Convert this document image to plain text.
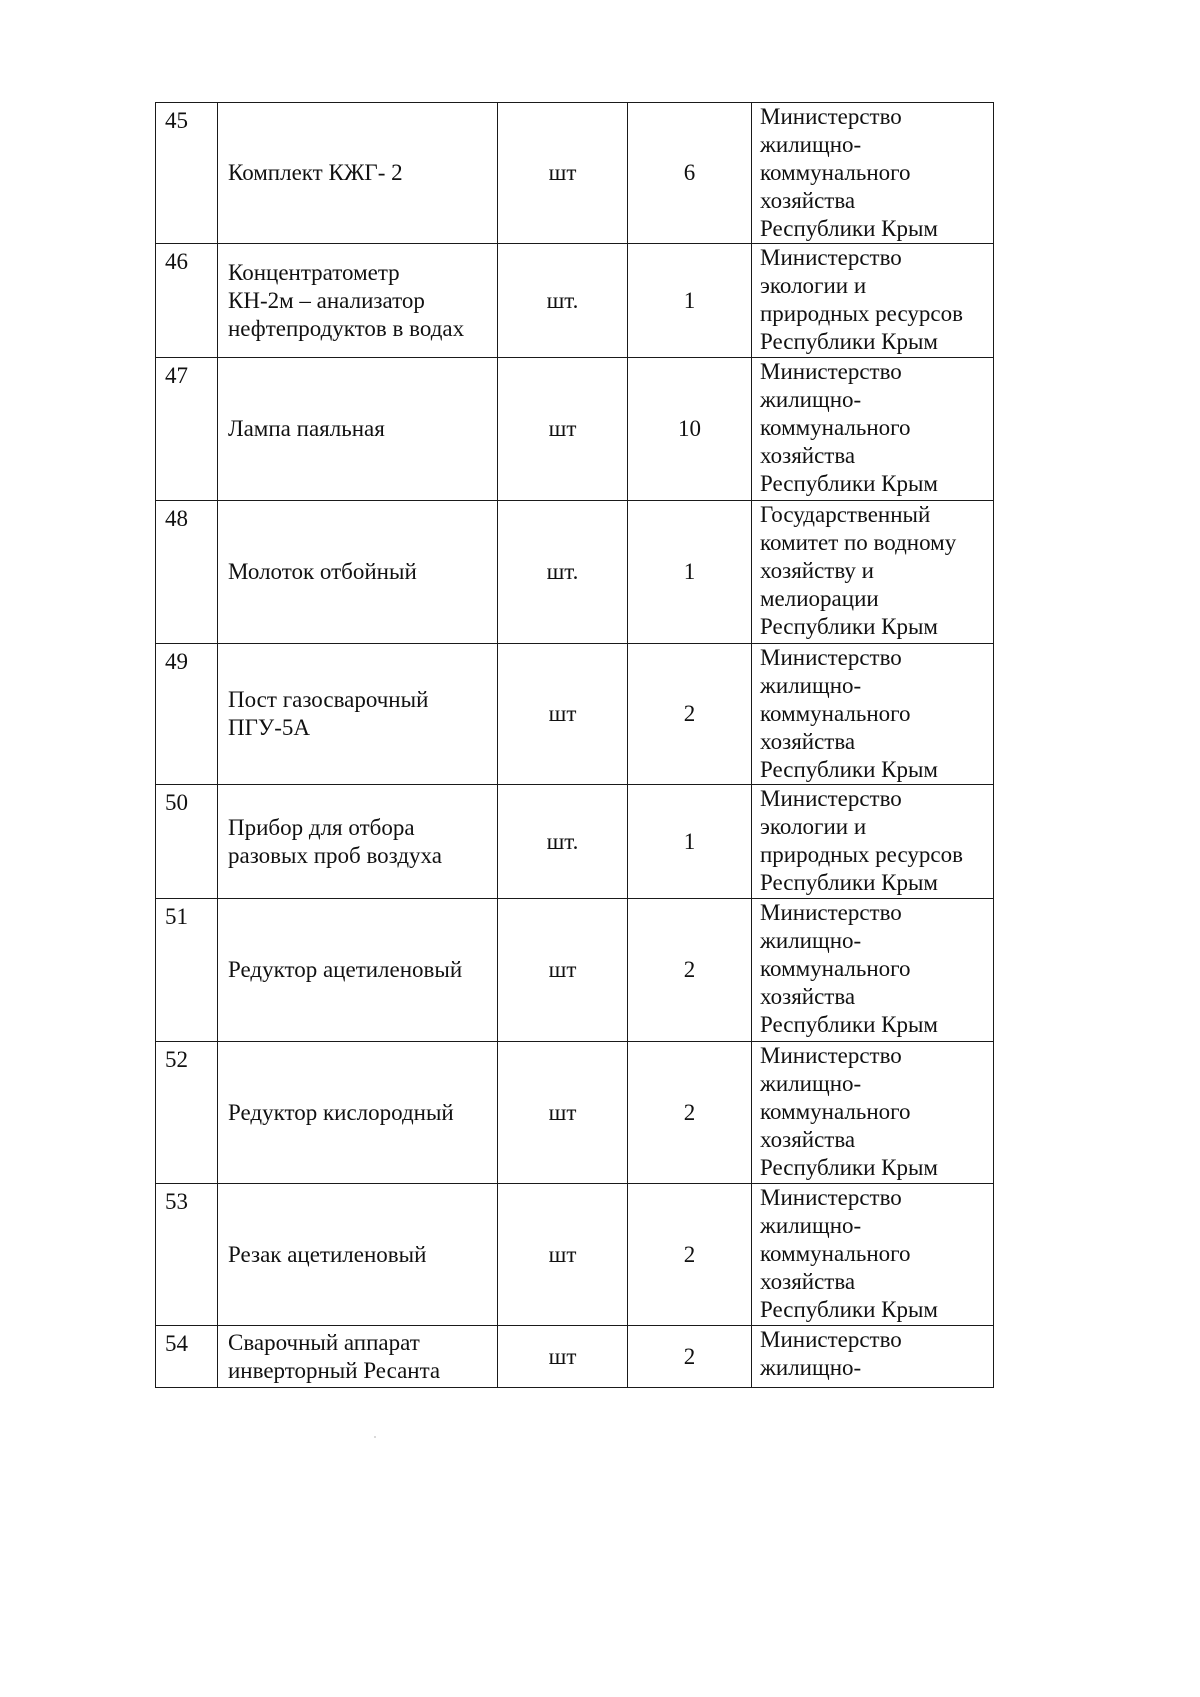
45	Комплект КЖГ- 2	шт	6	Министерство
жилищно-
коммунального
хозяйства
Республики Крым

46	Концентратометр
КН-2м – анализатор
нефтепродуктов в водах	шт.	1	Министерство
экологии и
природных ресурсов
Республики Крым

47	Лампа паяльная	шт	10	Министерство
жилищно-
коммунального
хозяйства
Республики Крым

48	Молоток отбойный	шт.	1	Государственный
комитет по водному
хозяйству и
мелиорации
Республики Крым

49	Пост газосварочный
ПГУ-5А	шт	2	Министерство
жилищно-
коммунального
хозяйства
Республики Крым

50	Прибор для отбора
разовых проб воздуха	шт.	1	Министерство
экологии и
природных ресурсов
Республики Крым

51	Редуктор ацетиленовый	шт	2	Министерство
жилищно-
коммунального
хозяйства
Республики Крым

52	Редуктор кислородный	шт	2	Министерство
жилищно-
коммунального
хозяйства
Республики Крым

53	Резак ацетиленовый	шт	2	Министерство
жилищно-
коммунального
хозяйства
Республики Крым

54	Сварочный аппарат
инверторный Ресанта	шт	2	Министерство
жилищно-
